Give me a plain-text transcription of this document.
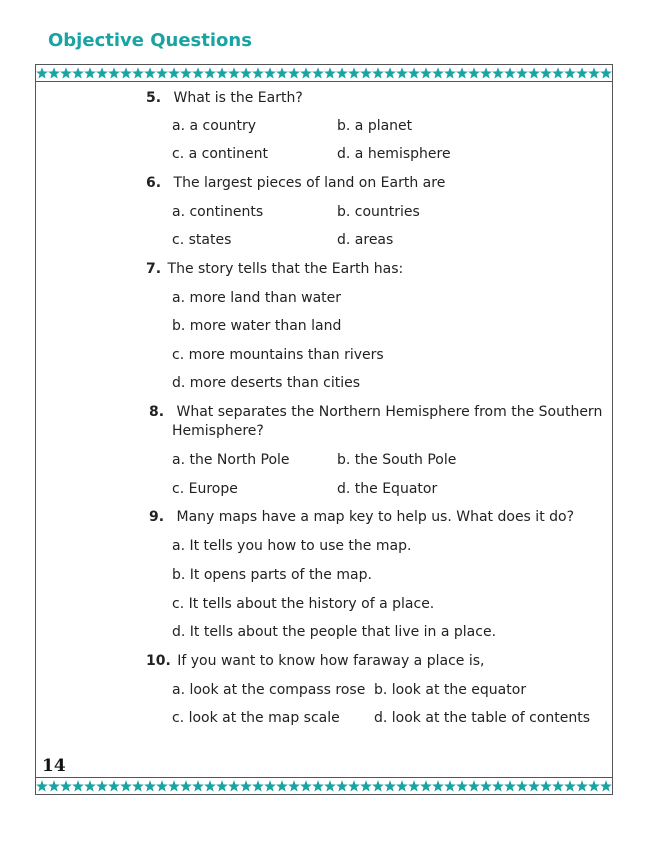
Objective Questions
5. What is the Earth?
a. a country	b. a planet
c. a continent	d. a hemisphere
6. The largest pieces of land on Earth are
a. continents	b. countries
c. states	d. areas
7. The story tells that the Earth has:
a. more land than water
b. more water than land
c. more mountains than rivers
d. more deserts than cities
8. What separates the Northern Hemisphere from the Southern
Hemisphere?
a. the North Pole	b. the South Pole
c. Europe	d. the Equator
9. Many maps have a map key to help us. What does it do?
a. It tells you how to use the map.
b. It opens parts of the map.
c. It tells about the history of a place.
d. It tells about the people that live in a place.
10. If you want to know how faraway a place is,
a. look at the compass rose b. look at the equator
c. look at the map scale d. look at the table of contents
14
